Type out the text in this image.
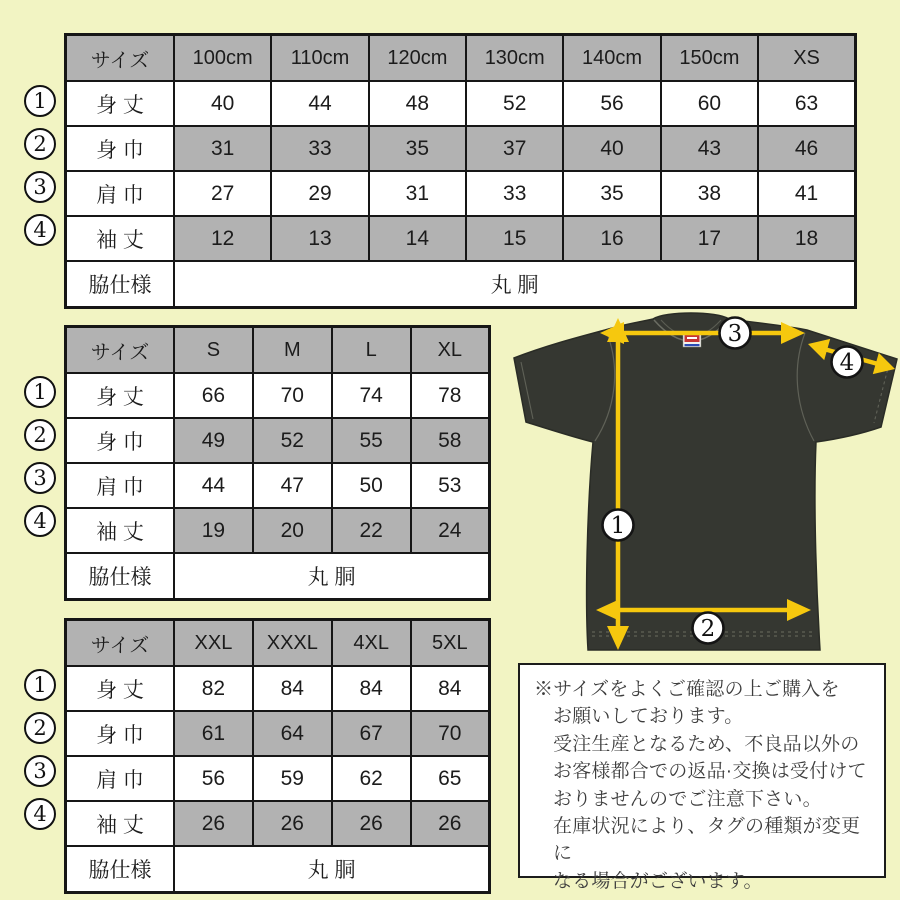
サイズ	100cm	110cm	120cm	130cm	140cm	150cm	XS
身 丈	40	44	48	52	56	60	63
身 巾	31	33	35	37	40	43	46
肩 巾	27	29	31	33	35	38	41
袖 丈	12	13	14	15	16	17	18
脇仕様	丸 胴						
サイズ	S	M	L	XL
身 丈	66	70	74	78
身 巾	49	52	55	58
肩 巾	44	47	50	53
袖 丈	19	20	22	24
脇仕様	丸 胴			
サイズ	XXL	XXXL	4XL	5XL
身 丈	82	84	84	84
身 巾	61	64	67	70
肩 巾	56	59	62	65
袖 丈	26	26	26	26
脇仕様	丸 胴			
1
2
3
4
1
2
3
4
1
2
3
4
1
2
3
4
※サイズをよくご確認の上ご購入を
お願いしております。
受注生産となるため、不良品以外の
お客様都合での返品·交換は受付けて
おりませんのでご注意下さい。
在庫状況により、タグの種類が変更に
なる場合がございます。
